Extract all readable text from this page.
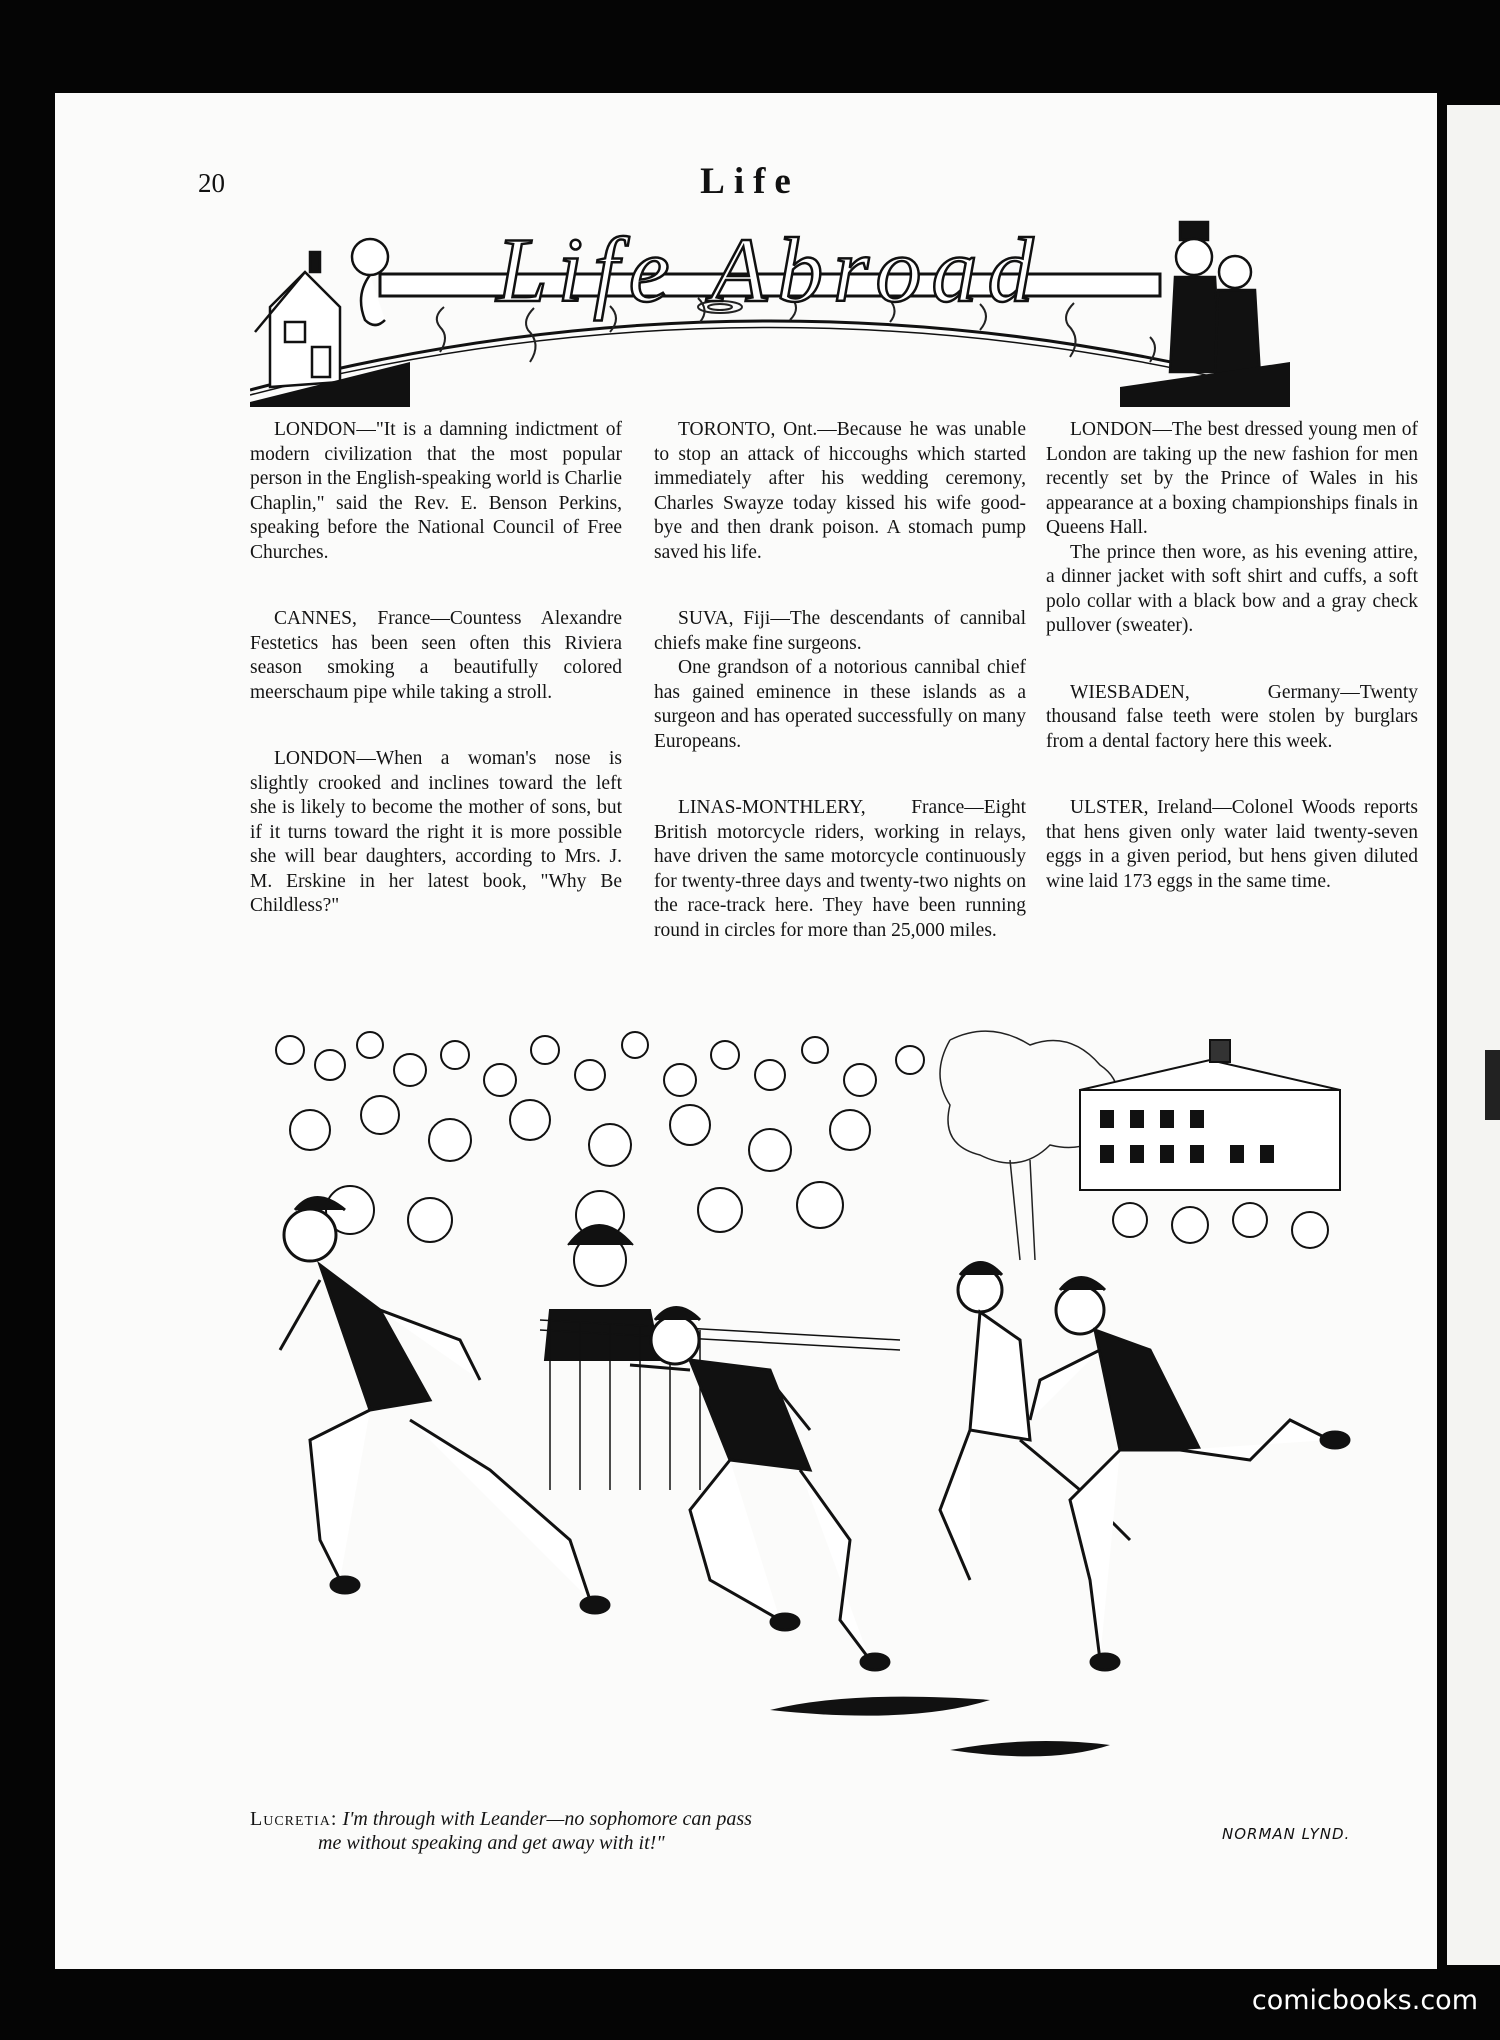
20	Life
Life Abroad

LONDON—"It is a damning indictment of modern civilization that the most popular person in the English-speaking world is Charlie Chaplin," said the Rev. E. Benson Perkins, speaking before the National Council of Free Churches.

CANNES, France—Countess Alexandre Festetics has been seen often this Riviera season smoking a beautifully colored meerschaum pipe while taking a stroll.

LONDON—When a woman's nose is slightly crooked and inclines toward the left she is likely to become the mother of sons, but if it turns toward the right it is more possible she will bear daughters, according to Mrs. J. M. Erskine in her latest book, "Why Be Childless?"

TORONTO, Ont.—Because he was unable to stop an attack of hiccoughs which started immediately after his wedding ceremony, Charles Swayze today kissed his wife good-bye and then drank poison. A stomach pump saved his life.

SUVA, Fiji—The descendants of cannibal chiefs make fine surgeons.

One grandson of a notorious cannibal chief has gained eminence in these islands as a surgeon and has operated successfully on many Europeans.

LINAS-MONTHLERY, France—Eight British motorcycle riders, working in relays, have driven the same motorcycle continuously for twenty-three days and twenty-two nights on the race-track here. They have been running round in circles for more than 25,000 miles.

LONDON—The best dressed young men of London are taking up the new fashion for men recently set by the Prince of Wales in his appearance at a boxing championships finals in Queens Hall.

The prince then wore, as his evening attire, a dinner jacket with soft shirt and cuffs, a soft polo collar with a black bow and a gray check pullover (sweater).

WIESBADEN, Germany—Twenty thousand false teeth were stolen by burglars from a dental factory here this week.

ULSTER, Ireland—Colonel Woods reports that hens given only water laid twenty-seven eggs in a given period, but hens given diluted wine laid 173 eggs in the same time.

Lucretia: I'm through with Leander—no sophomore can pass
me without speaking and get away with it!"	NORMAN LYND.
comicbooks.com
